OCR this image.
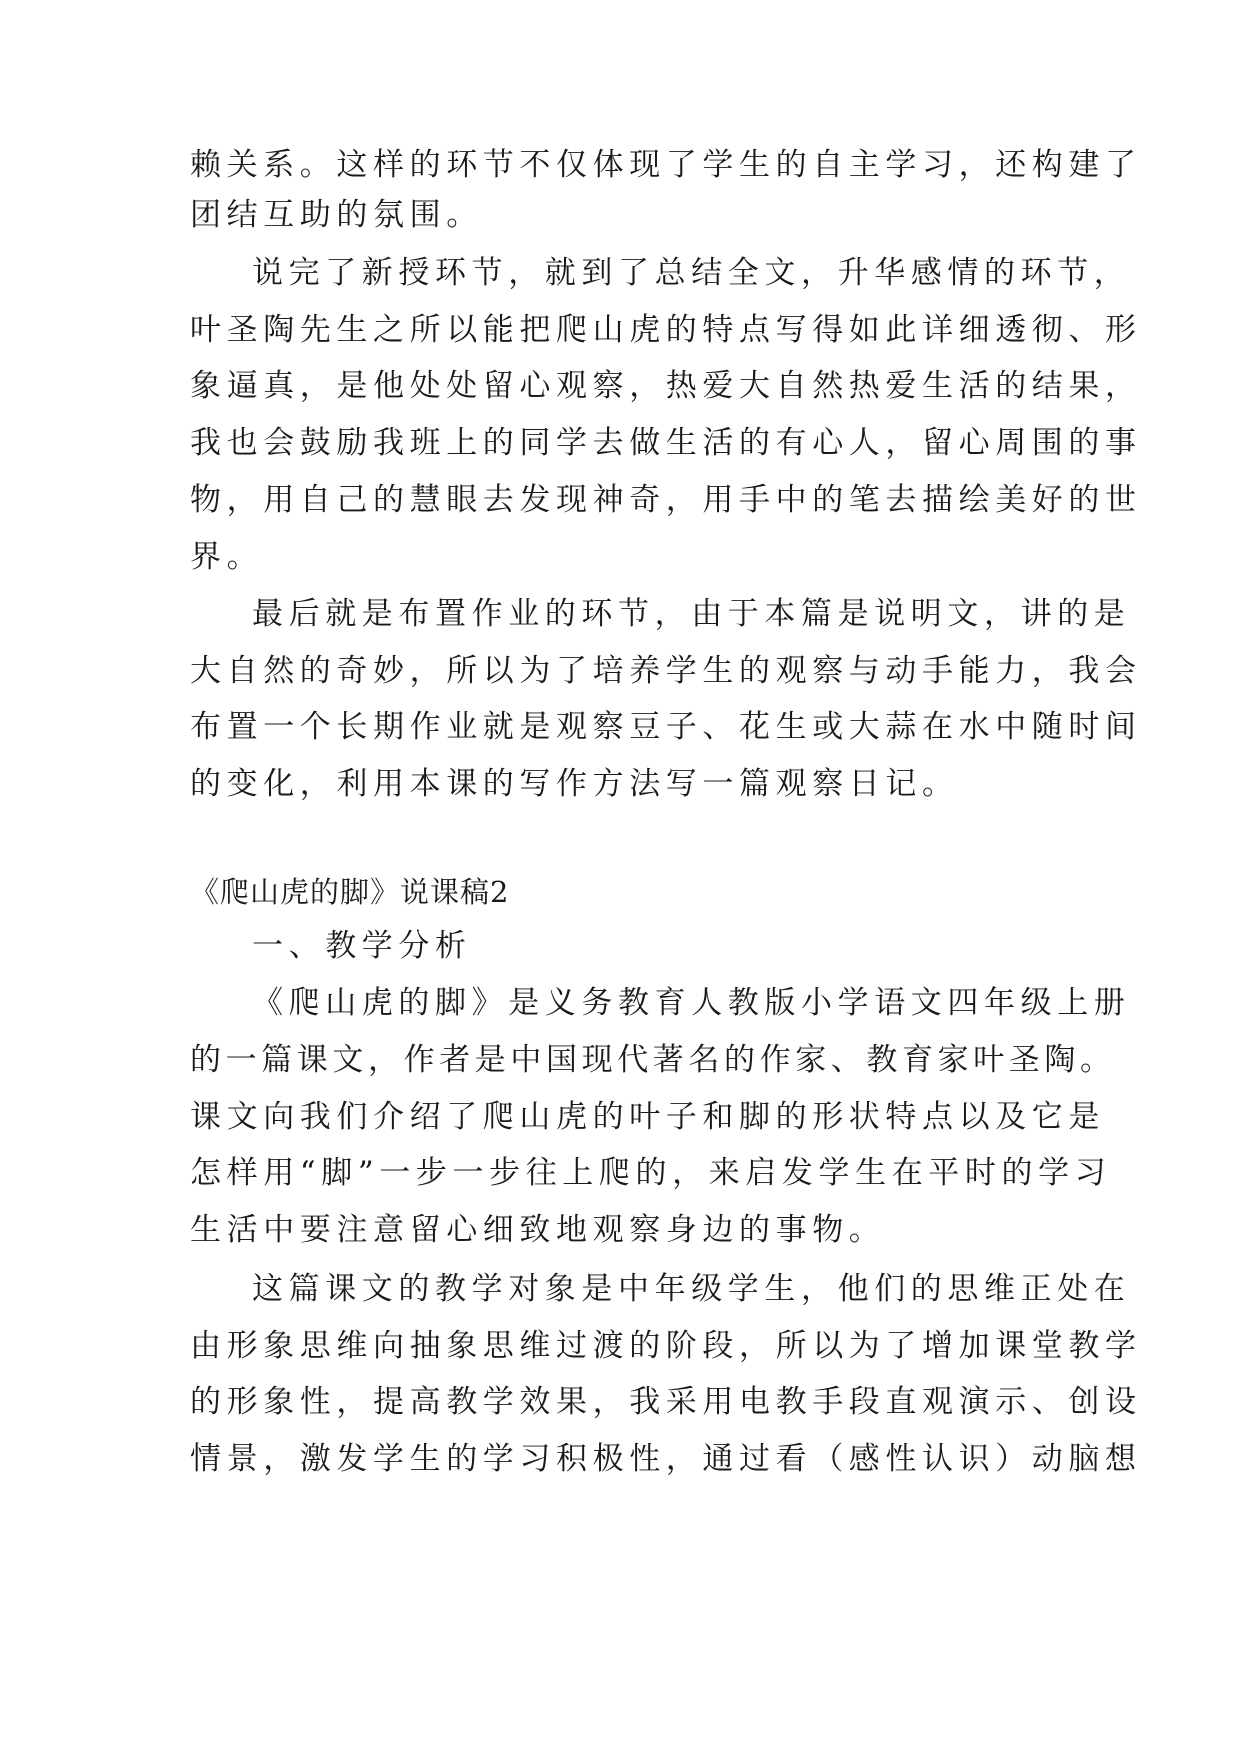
赖关系。这样的环节不仅体现了学生的自主学习，还构建了
团结互助的氛围。
说完了新授环节，就到了总结全文，升华感情的环节，
叶圣陶先生之所以能把爬山虎的特点写得如此详细透彻、形
象逼真，是他处处留心观察，热爱大自然热爱生活的结果，
我也会鼓励我班上的同学去做生活的有心人，留心周围的事
物，用自己的慧眼去发现神奇，用手中的笔去描绘美好的世
界。
最后就是布置作业的环节，由于本篇是说明文，讲的是
大自然的奇妙，所以为了培养学生的观察与动手能力，我会
布置一个长期作业就是观察豆子、花生或大蒜在水中随时间
的变化，利用本课的写作方法写一篇观察日记。
《爬山虎的脚》说课稿2
一、教学分析
《爬山虎的脚》是义务教育人教版小学语文四年级上册
的一篇课文，作者是中国现代著名的作家、教育家叶圣陶。
课文向我们介绍了爬山虎的叶子和脚的形状特点以及它是
怎样用“脚”一步一步往上爬的，来启发学生在平时的学习
生活中要注意留心细致地观察身边的事物。
这篇课文的教学对象是中年级学生，他们的思维正处在
由形象思维向抽象思维过渡的阶段，所以为了增加课堂教学
的形象性，提高教学效果，我采用电教手段直观演示、创设
情景，激发学生的学习积极性，通过看（感性认识）动脑想
